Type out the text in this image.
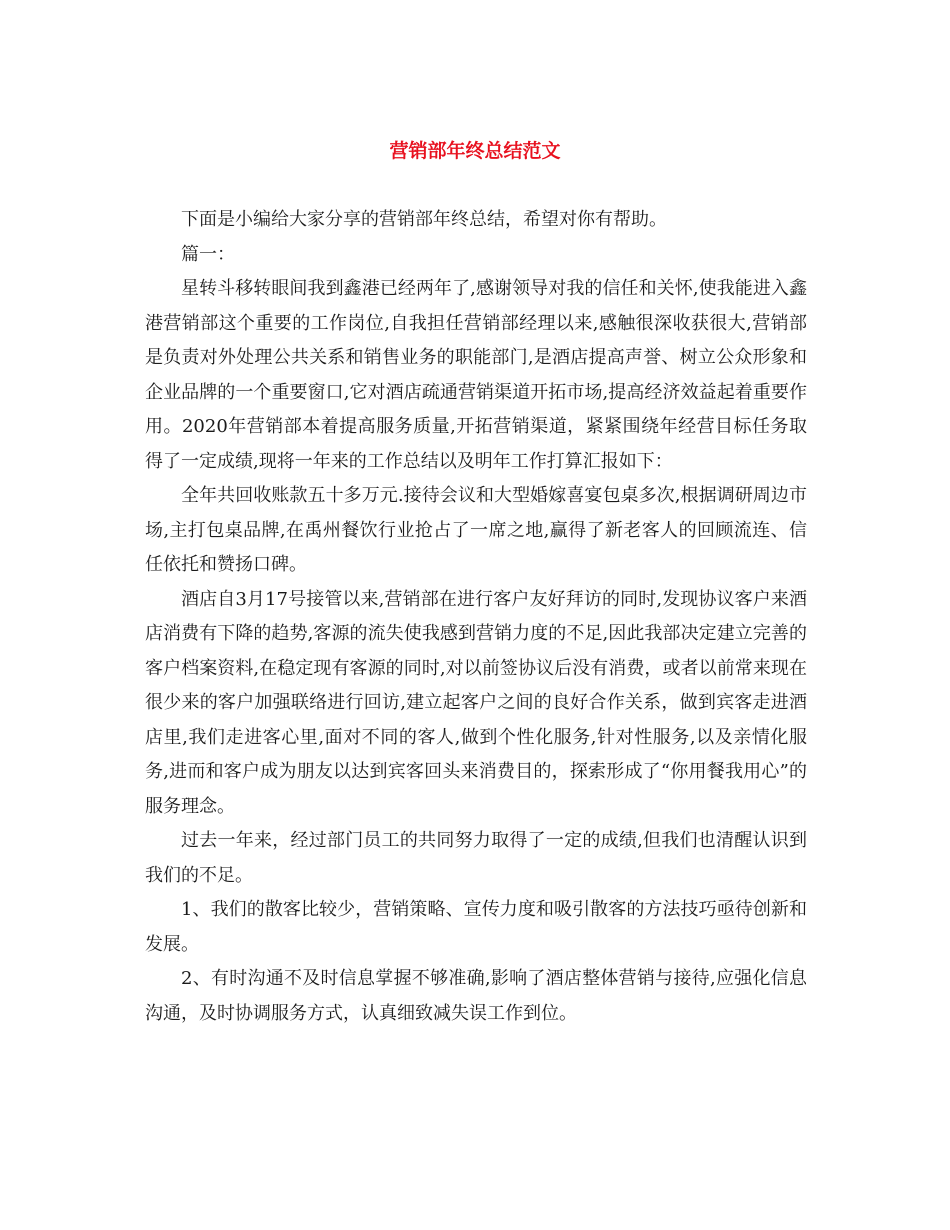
营销部年终总结范文

下面是小编给大家分享的营销部年终总结，希望对你有帮助。

篇一：

星转斗移转眼间我到鑫港已经两年了,感谢领导对我的信任和关怀,使我能进入鑫港营销部这个重要的工作岗位,自我担任营销部经理以来,感触很深收获很大,营销部是负责对外处理公共关系和销售业务的职能部门,是酒店提高声誉、树立公众形象和企业品牌的一个重要窗口,它对酒店疏通营销渠道开拓市场,提高经济效益起着重要作用。2020年营销部本着提高服务质量,开拓营销渠道，紧紧围绕年经营目标任务取得了一定成绩,现将一年来的工作总结以及明年工作打算汇报如下：

全年共回收账款五十多万元.接待会议和大型婚嫁喜宴包桌多次,根据调研周边市场,主打包桌品牌,在禹州餐饮行业抢占了一席之地,赢得了新老客人的回顾流连、信任依托和赞扬口碑。

酒店自3月17号接管以来,营销部在进行客户友好拜访的同时,发现协议客户来酒店消费有下降的趋势,客源的流失使我感到营销力度的不足,因此我部决定建立完善的客户档案资料,在稳定现有客源的同时,对以前签协议后没有消费，或者以前常来现在很少来的客户加强联络进行回访,建立起客户之间的良好合作关系，做到宾客走进酒店里,我们走进客心里,面对不同的客人,做到个性化服务,针对性服务,以及亲情化服务,进而和客户成为朋友以达到宾客回头来消费目的，探索形成了“你用餐我用心”的服务理念。

过去一年来，经过部门员工的共同努力取得了一定的成绩,但我们也清醒认识到我们的不足。

1、我们的散客比较少，营销策略、宣传力度和吸引散客的方法技巧亟待创新和发展。

2、有时沟通不及时信息掌握不够准确,影响了酒店整体营销与接待,应强化信息沟通，及时协调服务方式，认真细致减失误工作到位。
